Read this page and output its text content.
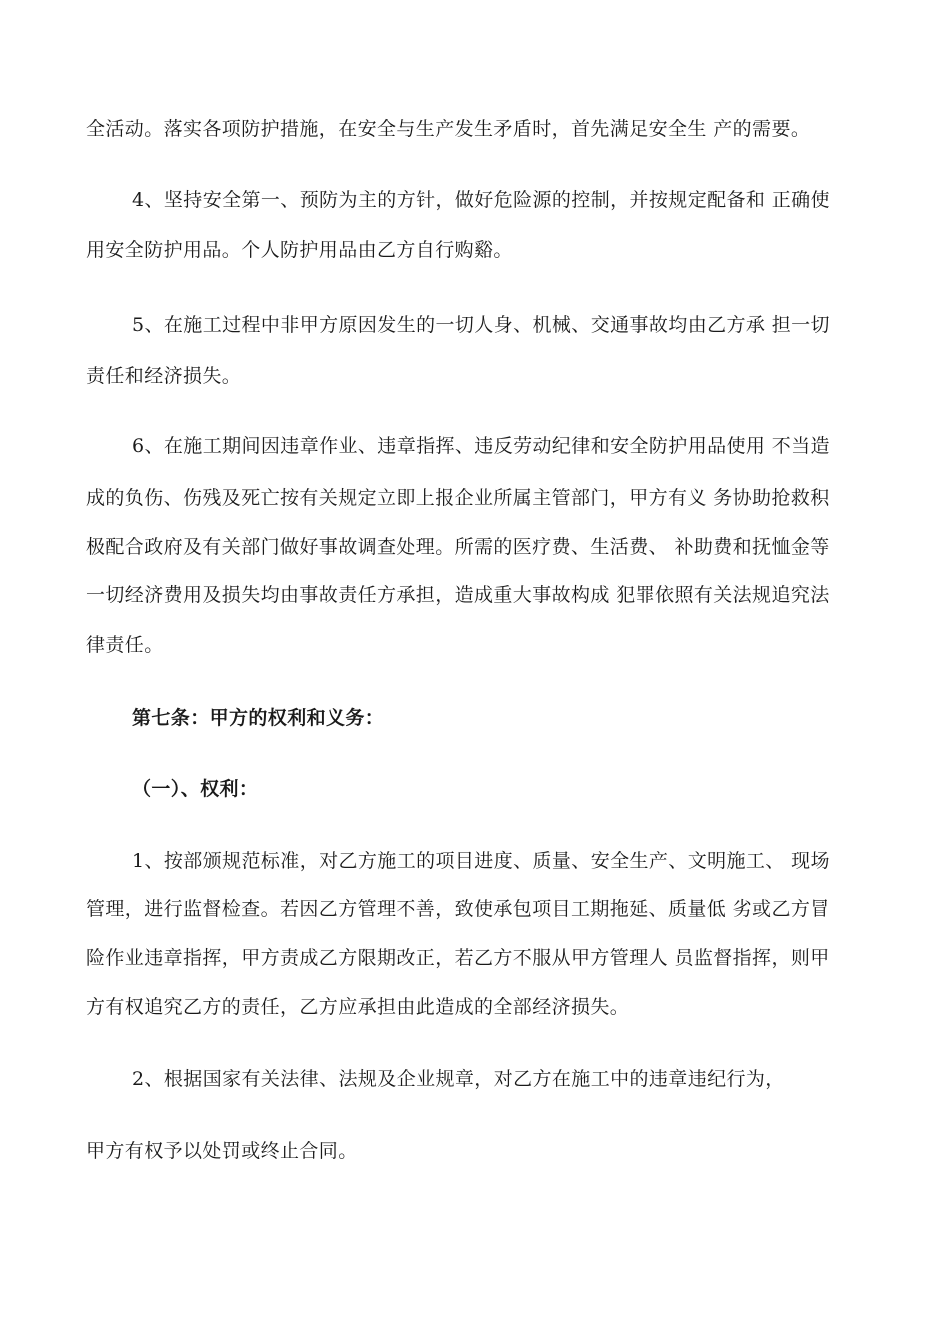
全活动。落实各项防护措施，在安全与生产发生矛盾时，首先满足安全生 产的需要。
4、坚持安全第一、预防为主的方针，做好危险源的控制，并按规定配备和 正确使
用安全防护用品。个人防护用品由乙方自行购谿。
5、在施工过程中非甲方原因发生的一切人身、机械、交通事故均由乙方承 担一切
责任和经济损失。
6、在施工期间因违章作业、违章指挥、违反劳动纪律和安全防护用品使用 不当造
成的负伤、伤残及死亡按有关规定立即上报企业所属主管部门，甲方有义 务协助抢救积
极配合政府及有关部门做好事故调查处理。所需的医疗费、生活费、 补助费和抚恤金等
一切经济费用及损失均由事故责任方承担，造成重大事故构成 犯罪依照有关法规追究法
律责任。
第七条：甲方的权利和义务：
（一）、权利：
1、按部颁规范标准，对乙方施工的项目进度、质量、安全生产、文明施工、 现场
管理，进行监督检查。若因乙方管理不善，致使承包项目工期拖延、质量低 劣或乙方冒
险作业违章指挥，甲方责成乙方限期改正，若乙方不服从甲方管理人 员监督指挥，则甲
方有权追究乙方的责任，乙方应承担由此造成的全部经济损失。
2、根据国家有关法律、法规及企业规章，对乙方在施工中的违章违纪行为，
甲方有权予以处罚或终止合同。
